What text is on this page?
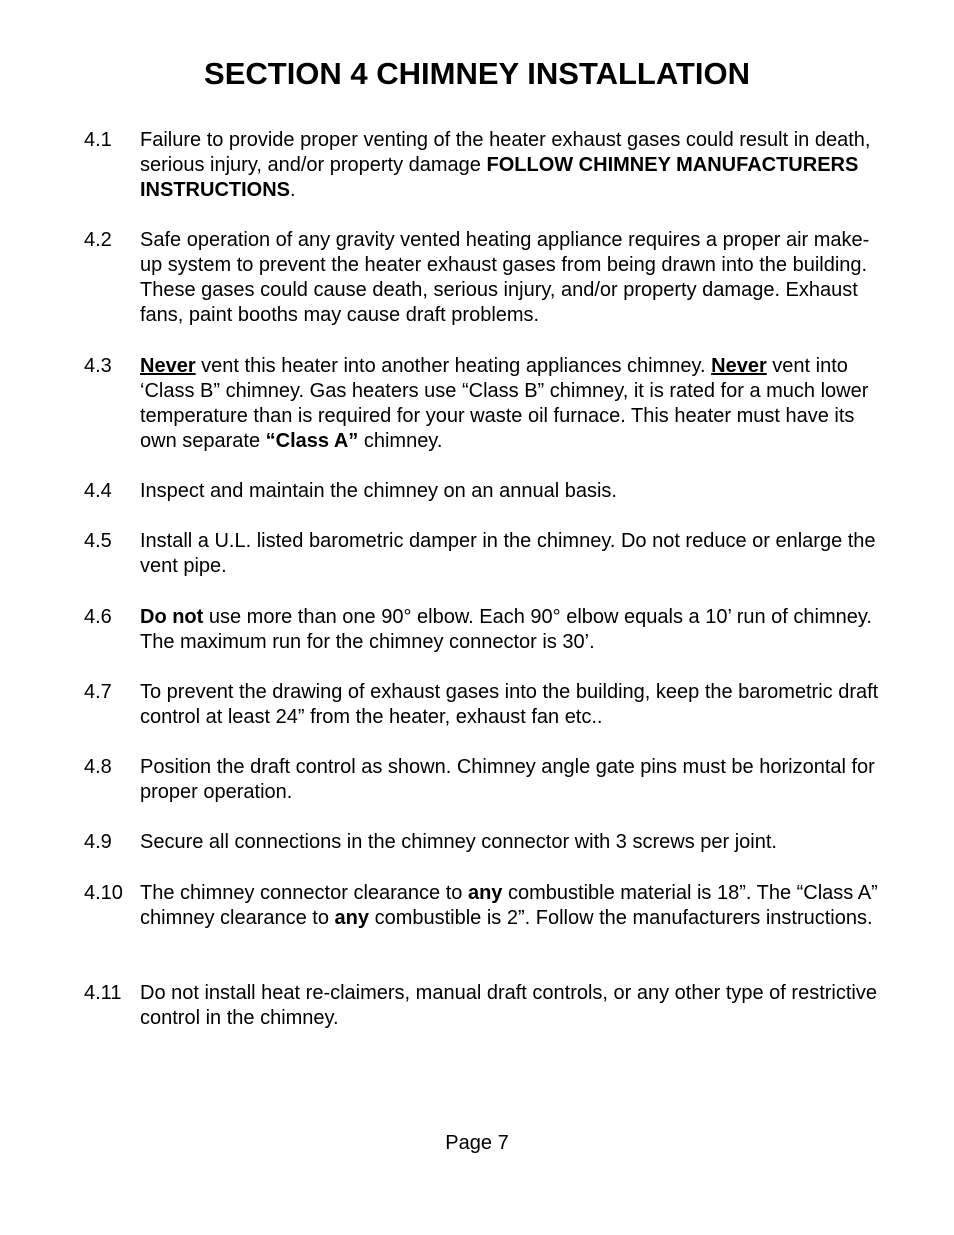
SECTION 4 CHIMNEY INSTALLATION
4.1 Failure to provide proper venting of the heater exhaust gases could result in death, serious injury, and/or property damage FOLLOW CHIMNEY MANUFACTURERS INSTRUCTIONS.
4.2 Safe operation of any gravity vented heating appliance requires a proper air make-up system to prevent the heater exhaust gases from being drawn into the building. These gases could cause death, serious injury, and/or property damage. Exhaust fans, paint booths may cause draft problems.
4.3 Never vent this heater into another heating appliances chimney. Never vent into ‘Class B” chimney. Gas heaters use “Class B” chimney, it is rated for a much lower temperature than is required for your waste oil furnace. This heater must have its own separate “Class A” chimney.
4.4 Inspect and maintain the chimney on an annual basis.
4.5 Install a U.L. listed barometric damper in the chimney. Do not reduce or enlarge the vent pipe.
4.6 Do not use more than one 90° elbow. Each 90° elbow equals a 10’ run of chimney. The maximum run for the chimney connector is 30’.
4.7 To prevent the drawing of exhaust gases into the building, keep the barometric draft control at least 24” from the heater, exhaust fan etc..
4.8 Position the draft control as shown. Chimney angle gate pins must be horizontal for proper operation.
4.9 Secure all connections in the chimney connector with 3 screws per joint.
4.10 The chimney connector clearance to any combustible material is 18”. The “Class A” chimney clearance to any combustible is 2”. Follow the manufacturers instructions.
4.11 Do not install heat re-claimers, manual draft controls, or any other type of restrictive control in the chimney.
Page 7
